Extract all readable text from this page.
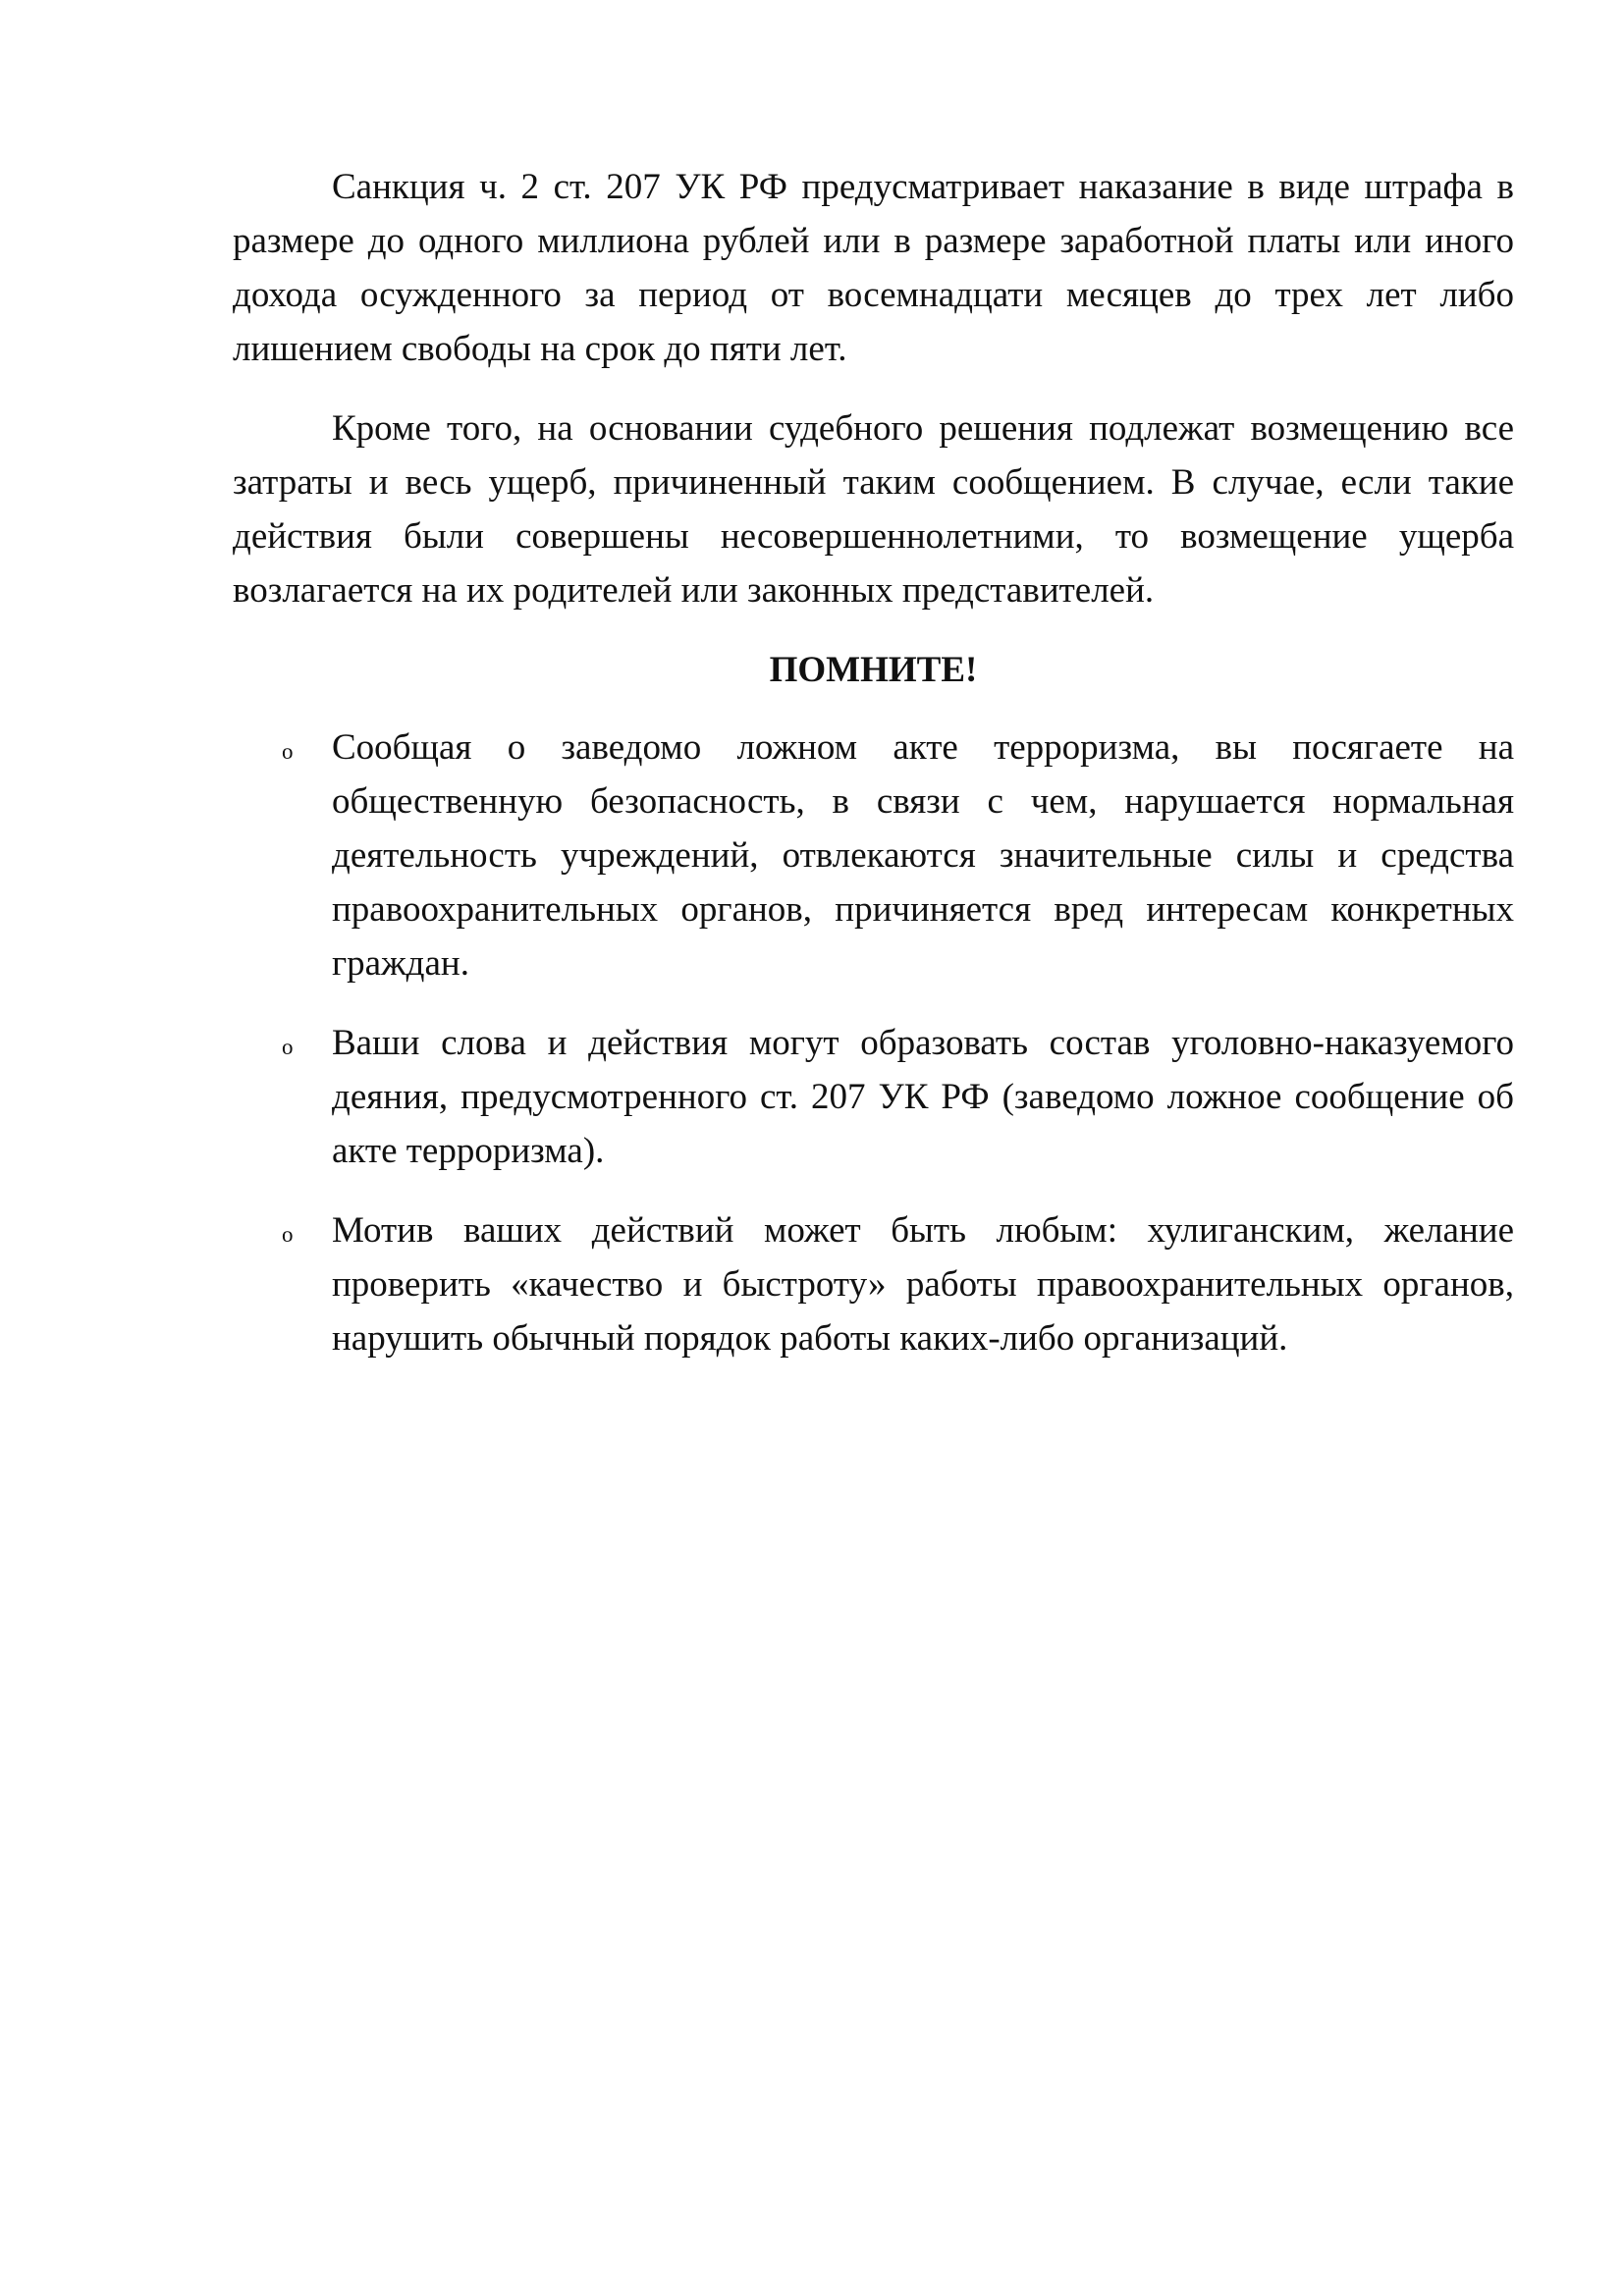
Санкция ч. 2 ст. 207 УК РФ предусматривает наказание в виде штрафа в размере до одного миллиона рублей или в размере заработной платы или иного дохода осужденного за период от восемнадцати месяцев до трех лет либо лишением свободы на срок до пяти лет.

Кроме того, на основании судебного решения подлежат возмещению все затраты и весь ущерб, причиненный таким сообщением. В случае, если такие действия были совершены несовершеннолетними, то возмещение ущерба возлагается на их родителей или законных представителей.

ПОМНИТЕ!

o Сообщая о заведомо ложном акте терроризма, вы посягаете на общественную безопасность, в связи с чем, нарушается нормальная деятельность учреждений, отвлекаются значительные силы и средства правоохранительных органов, причиняется вред интересам конкретных граждан.
o Ваши слова и действия могут образовать состав уголовно-наказуемого деяния, предусмотренного ст. 207 УК РФ (заведомо ложное сообщение об акте терроризма).
o Мотив ваших действий может быть любым: хулиганским, желание проверить «качество и быстроту» работы правоохранительных органов, нарушить обычный порядок работы каких-либо организаций.
